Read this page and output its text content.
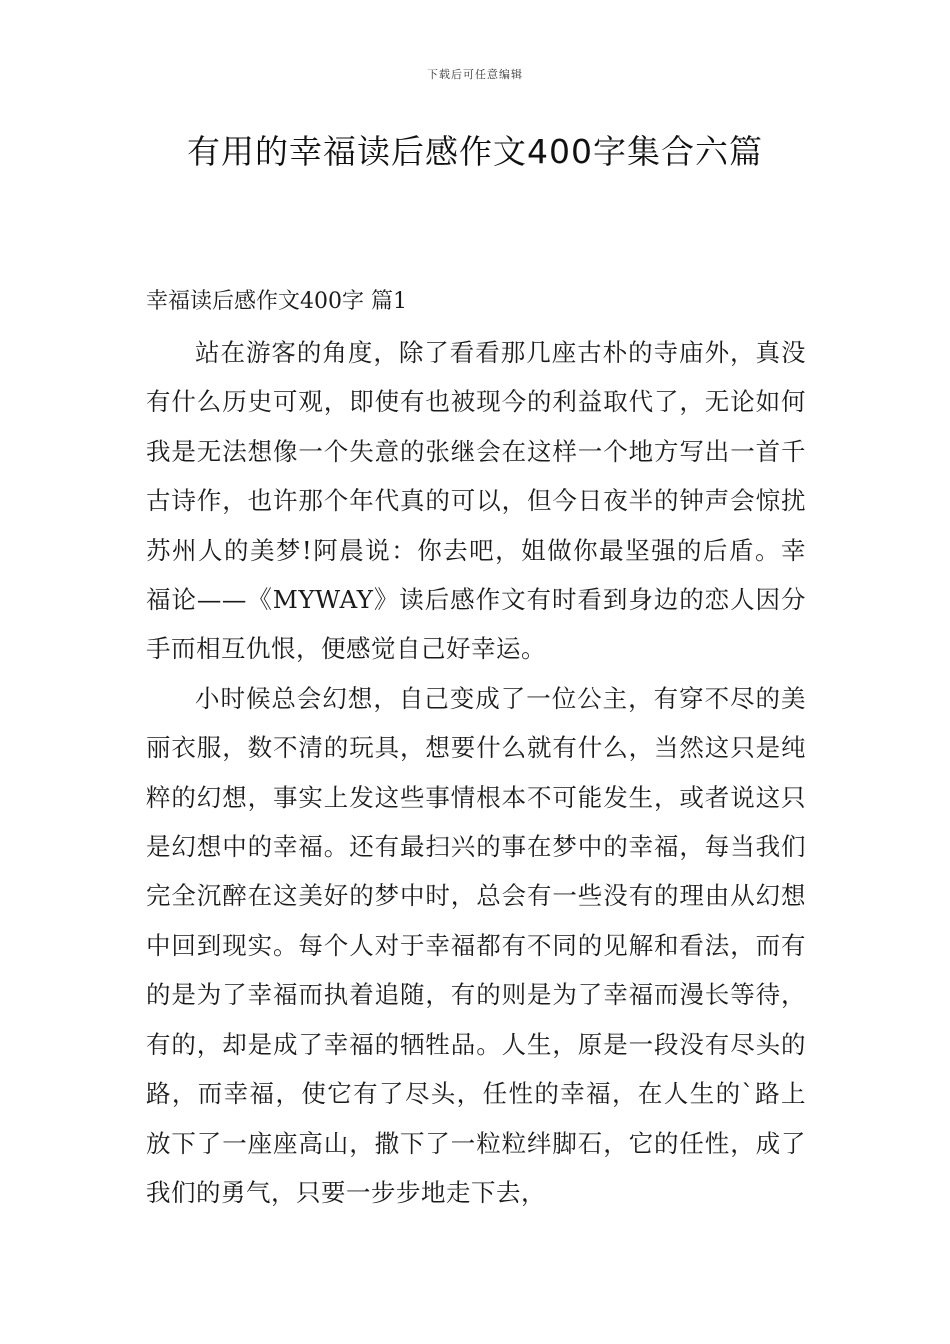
下载后可任意编辑
有用的幸福读后感作文400字集合六篇
幸福读后感作文400字 篇1

站在游客的角度，除了看看那几座古朴的寺庙外，真没有什么历史可观，即使有也被现今的利益取代了，无论如何我是无法想像一个失意的张继会在这样一个地方写出一首千古诗作，也许那个年代真的可以，但今日夜半的钟声会惊扰苏州人的美梦!阿晨说：你去吧，姐做你最坚强的后盾。幸福论——《MYWAY》读后感作文有时看到身边的恋人因分手而相互仇恨，便感觉自己好幸运。

小时候总会幻想，自己变成了一位公主，有穿不尽的美丽衣服，数不清的玩具，想要什么就有什么，当然这只是纯粹的幻想，事实上发这些事情根本不可能发生，或者说这只是幻想中的幸福。还有最扫兴的事在梦中的幸福，每当我们完全沉醉在这美好的梦中时，总会有一些没有的理由从幻想中回到现实。每个人对于幸福都有不同的见解和看法，而有的是为了幸福而执着追随，有的则是为了幸福而漫长等待，有的，却是成了幸福的牺牲品。人生，原是一段没有尽头的路，而幸福，使它有了尽头，任性的幸福，在人生的`路上放下了一座座高山，撒下了一粒粒绊脚石，它的任性，成了我们的勇气，只要一步步地走下去，
